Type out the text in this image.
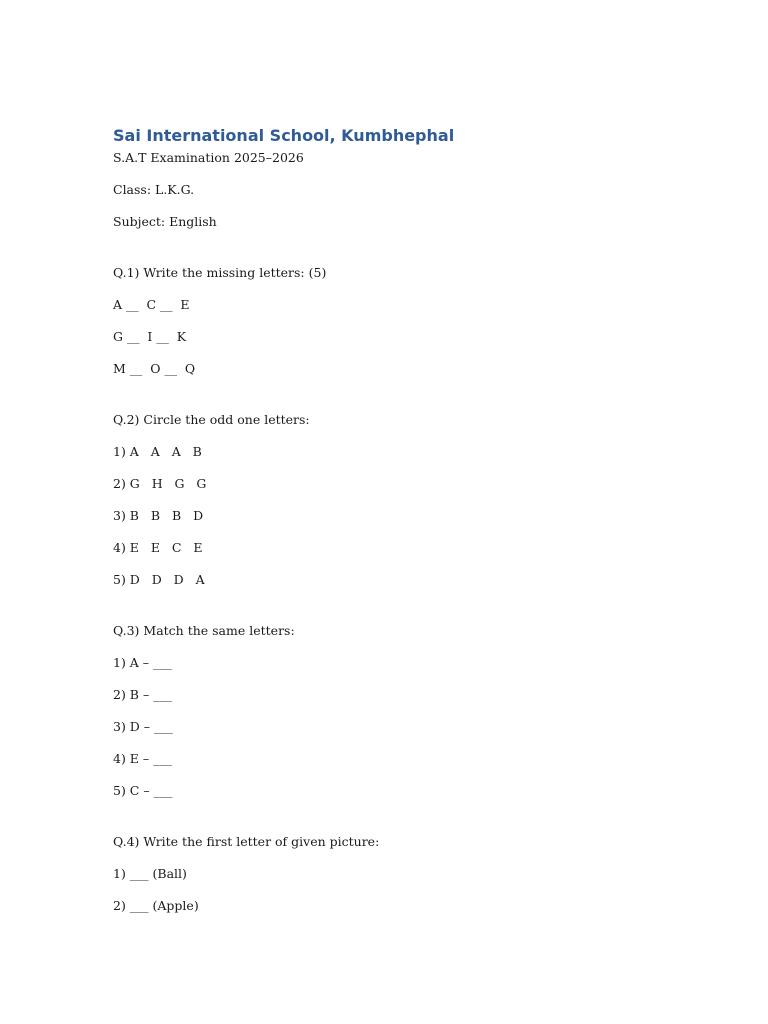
Sai International School, Kumbhephal

S.A.T Examination 2025–2026

Class: L.K.G.

Subject: English

Q.1) Write the missing letters: (5)

A __  C __  E

G __  I __  K

M __  O __  Q

Q.2) Circle the odd one letters:

1) A   A   A   B

2) G   H   G   G

3) B   B   B   D

4) E   E   C   E

5) D   D   D   A

Q.3) Match the same letters:

1) A – ___

2) B – ___

3) D – ___

4) E – ___

5) C – ___

Q.4) Write the first letter of given picture:

1) ___ (Ball)

2) ___ (Apple)
